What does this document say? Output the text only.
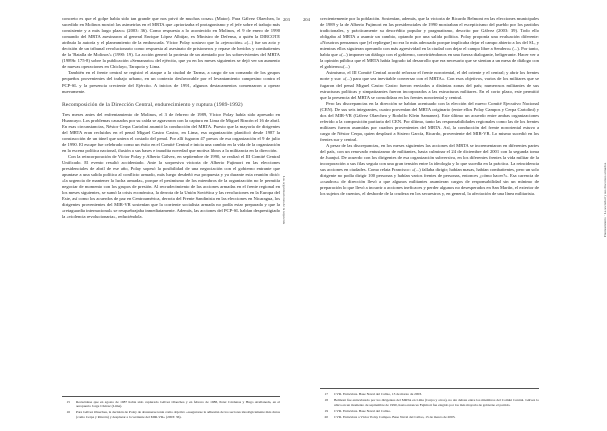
concreto es que el golpe había sido tan grande que nos privó de muchas cosas» (Mator). Para Gálvez Olaechea, lo sucedido en Molinos mostró las asimetrías en el MRTA que «priorizaba el protagonismo y el jefe sobre el trabajo más consistente y a más largo plazo» (2003: 36). Como respuesta a lo acontecido en Molinos, el 9 de enero de 1990 comando del MRTA asesinaron al general Enrique López Albújar, ex Ministro de Defensa, a quién la DIRCOTE atribuía la autoría y el planeamiento de la emboscada. Víctor Polay sostuvo que la «ejecución» «(...) fue un acto y decisión de un tribunal revolucionario como respuesta al asesinato de prisioneros y repase de heridos y combatientes de la 'Batalla de Molinos'» (1990: 19). La acción generó la protesta de un atentado por los sobrevivientes del MRTA (1989b: 175-8) sobre la publicación «Semanario» del ejército, que ya en los meses siguientes se dejó ver un aumento de nuevas operaciones en Chiclayo, Tarapoto y Lima.

También en el frente central se registró el ataque a la ciudad de Tarma, a cargo de un comando de los grupos pequeños provenientes del trabajo urbano, en un contexto desfavorable por el levantamiento campesino contra el PCP-SL y la presencia creciente del Ejército. A inicios de 1991, algunos destacamentos comenzaron a operar nuevamente.

Recomposición de la Dirección Central, endurecimiento y ruptura (1989-1992)

Tres meses antes del enfrentamiento de Molinos, el 3 de febrero de 1989, Víctor Polay había sido apresado en Huancayo. Los problemas causados por su caída se agravaron con la captura en Lima de Miguel Rincón el 16 de abril. En esas circunstancias, Néstor Cerpa Cartolini asumió la conducción del MRTA. Puesto que la mayoría de dirigentes del MRTA eran recluidos en el penal Miguel Castro Castro, en Lima, esa organización planificó desde 1987 la construcción de un túnel que uniera el costado del penal. Por allí fugaron 47 presos de esa organización el 9 de julio de 1990. El escape fue celebrado como un éxito en el Comité Central e inicia una cambio en la vida de la organización en la escena política nacional, ilusión a sus bases e inaudita novedad que motiva libros a la militancia en la dirección.

Con la reincorporación de Víctor Polay y Alberto Gálvez, en septiembre de 1990, se realizó el III Comité Central Unificado. El evento resultó accidentado. Ante la sorpresiva victoria de Alberto Fujimori en las elecciones presidenciales de abril de ese año, Polay sopesó la posibilidad de una negociación con el gobierno entrante que apuntase a una salida política al conflicto armado, más luego desdeñó esa propuesta y ya durante esta reunión dictó: «la urgencia de mantener la lucha armada», porque el pesimismo de los miembros de la organización no le permitía negociar de momento con los grupos de presión. Al recrudecimiento de las acciones armadas en el frente regional en los meses siguientes, se sumó la crisis económica, la derrota de la Unión Soviética y las revoluciones en la Europa del Este, así como los acuerdos de paz en Centroamérica, derrota del Frente Sandinista en las elecciones en Nicaragua, los dirigentes provenientes del MIR-VR sostenían que la corriente socialista armada no podía estar preparada y que la «retaguardia internacional» se resquebrajaba inmediatamente. Además, las acciones del PCP-SL habían desprestigiado la «violencia revolucionaria», reduciéndola.

15 Recuérdese que en agosto de 1987 había sido capturado Gálvez Olaechea y en febrero de 1988, Peter Cárdenas y Hugo Avellaneda, en el aeropuerto Jorge Chávez (Lima).
16 Para Gálvez Olaechea, la decisión de Polay de abstenerse tenía como objetivo «asegurarse la adhesión de los sectores ideológicamente más duros (como Cerpa y Rincón) y desplazar a la vertiente del MIR-VR» (2003: 36).
203
Las organizaciones de la izquierda
204
Planteamiento · La sociedad y sus discursos armados

crecientemente por la población. Sostenían, además, que la victoria de Ricardo Belmont en las elecciones municipales de 1989 y la de Alberto Fujimori en las presidenciales de 1990 mostraban el escepticismo del pueblo por los partidos tradicionales, y prácticamente su descrédito popular y pragmatismo, descrito por Gálvez (2003: 39). Todo ello obligaba al MRTA a asumir un cambio, optando por una salida política. Polay proponía una evaluación diferente: «Nosotros pensamos que [el repliegue] no era lo más adecuado porque implicaba dejar el campo abierto a los del SL, y mientras ellos siguieran operando con más agresividad en la ciudad con dejar el campo libre a Sendero» (...). Por tanto, había que «(...) imponer un diálogo con el gobierno, convirtiéndonos en una fuerza dialogante, beligerante. Hacer ver a la opinión pública que el MRTA había logrado tal desarrollo que era necesario que se sientan a un mesa de diálogo con el gobierno»(...)

Asimismo, el III Comité Central acordó reforzar el frente nororiental, el del oriente y el central; y abrir los frentes norte y sur: «(...) para que sea inevitable conversar con el MRTA». Con esos objetivos, varios de los militares que se fugaron del penal Miguel Castro Castro fueron enviados a distintas zonas del país; numerosos militantes de sus estructuras políticas y simpatizantes fueron incorporados a las estructuras militares. En el corto plazo, este permitió que la presencia del MRTA se consolidara en los frentes nororiental y central.

Pero las discrepancias en la dirección se habían acentuado con la elección del nuevo Comité Ejecutivo Nacional (CEN). De sus seis integrantes, cuatro provenían del MRTA originario (entre ellos Polay Campos y Cerpa Cartolini) y dos del MIR-VR (Gálvez Olaechea y Rodolfo Klein Samanez). Este último un acuerdo entre ambas organizaciones referido a la composición paritaria del CEN. Por último, tanto las responsabilidades regionales como las de los frentes militares fueron asumidas por cuadros provenientes del MRTA. Así, la conducción del frente nororiental estuvo a cargo de Néstor Cerpa, quien desplazó a Sistero García, Ricardo, proveniente del MIR-VR. Lo mismo sucedió en los frentes sur y central.

A pesar de las discrepancias, en los meses siguientes las acciones del MRTA se incrementaron en diferentes partes del país, con un renovado entusiasmo de militantes, hasta culminar el 24 de diciembre del 2001 con la segunda toma de Juanjuí. De acuerdo con los dirigentes de esa organización subversiva, en los diferentes frentes la vida militar de la incorporación a sus filas seguía con una gran tensión entre la ideología y lo que sucedía en la práctica. La reincidencia sus acciones en ciudades. Como relata Francisco: «(...) fallaba dirigir; habían masas, habían combatientes, pero un solo dirigente no podía dirigir 100 personas y habían varios frentes de personas, entonces ¿cómo hacer?». Esa carencia de «cuadros» de dirección llevó a que algunos militantes asumieran cargos de responsabilidad sin un mínimo de preparación lo que llevó a incurrir a acciones ineficaces y perder algunos no desesperados en San Martín, el exterior de los sujetos de cuentos, el desborde de la crudeza en los secuestros y, en general, la afectación de una línea militarista.

17 CVR. Entrevista. Base Naval del Callao, 13 de marzo de 2003.
18 Belmont fue entrevistado por los dirigentes del MRTA en Lima (Cerpa y otros), no sin debate entre los miembros del Comité Central. Gálvez lo ubica en un momento de septiembre de 1990, hasta entonces Fujimori fue elegido por los más mayoría de gobierno el partido.
19 CVR. Entrevista. Base Naval del Callao.
20 CVR. Entrevista a Víctor Polay Campos. Base Naval del Callao, 15 de marzo de 2003.
